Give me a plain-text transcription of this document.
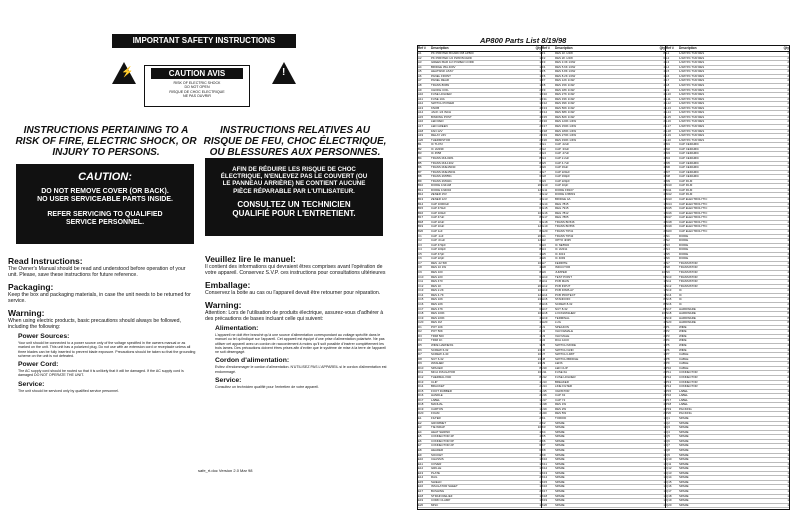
IMPORTANT SAFETY INSTRUCTIONS
⚡	!
CAUTION AVIS
RISK OF ELECTRIC SHOCK
DO NOT OPEN
RISQUE DE CHOC ELECTRIQUE
NE PAS OUVRIR
INSTRUCTIONS PERTAINING TO A
RISK OF FIRE, ELECTRIC SHOCK, OR
INJURY TO PERSONS.
INSTRUCTIONS RELATIVES AU
RISQUE DE FEU, CHOC ÉLECTRIQUE,
OU BLESSURES AUX PERSONNES.
CAUTION:
DO NOT REMOVE COVER (OR BACK).
NO USER SERVICEABLE PARTS INSIDE.
REFER SERVICING TO QUALIFIED
SERVICE PERSONNEL.
AFIN DE RÉDUIRE LES RISQUE DE CHOC
ÉLECTRIQUE, N'ENLEVEZ PAS LE COUVERT (OU
LE PANNEAU ARRIÈRE) NE CONTIENT AUCUNE
PIÈCE RÉPARABLE PAR L'UTILISATEUR.
CONSULTEZ UN TECHNICIEN
QUALIFIÉ POUR L'ENTRETIENT.
Read Instructions:
The Owner's Manual should be read and understood before operation of your unit. Please, save these instructions for future reference.
Packaging:
Keep the box and packaging materials, in case the unit needs to be returned for service.
Warning:
When using electric products, basic precautions should always be followed, including the following:
Power Sources:
Your unit should be connected to a power source only of the voltage specified in the owners manual or as marked on the unit. This unit has a polarized plug. Do not use with an extension cord or receptacle unless all three blades can be fully inserted to prevent blade exposure. Precautions should be taken so that the grounding scheme on the unit is not defeated.
Power Cord:
The AC supply cord should be routed so that it is unlikely that it will be damaged. If the AC supply cord is damaged DO NOT OPERATE THE UNIT.
Service:
The unit should be serviced only by qualified service personnel.
Veuillez lire le manuel:
Il contient des informations qui devraient êtres comprises avant l'opération de votre appareil. Conservez S.V.P. ces instructions pour consultations ultérieures
Emballage:
Conservez la boite au cas ou l'appareil devait être retourner pour réparation.
Warning:
Attention: Lors de l'utilisation de produits électrique, assurez-vous d'adhérer à des précautions de bases incluant celle qui suivent:
Alimentation:
L'appareil ne doit être branché qu'à une source d'alimentation correspondant au voltage spécifié dans le manuel ou tel qu'indiqué sur l'appareil. Cet appareil est équipé d'une prise d'alimentation polarisée. Ne pas utiliser cet appareil avec un cordon de raccordement à moins qu'il soit possible d'insérer complètement les trois lames. Des précautions doivent êtres prises afin d'eviter que le système de mise à la terre de l'appareil ne soit désengagé.
Cordon d'alimentation:
Evitez d'endommager le cordon d'alimentation. N'UTILISEZ PAS L'APPAREIL si le cordon d'alimentation est endommagé.
Service:
Consultez un technicien qualifié pour l'entretien de votre appareil.
safe_rt.doc Version 2.0 Mar 98
AP800 Parts List 8/19/98
Ref #	Description	Qty Ref #	Description	Qty Ref #	Description	Qty
A1	PK PRINTED BOARD 8/8 AP800	1
A2	PK PRINTED 1/2 PWR BOARD	1
A3	GREEN BAR 1/2 POWER CORD	1
A4	BRIDGE 35A 400V	1
A5	HEATSINK ASSY	1
A6	PANEL FRONT	1
A7	PANEL REAR	1
A8	TRANS 800W	1
A9	CHOKE COIL	2
A10	FUSE HOLDER	1
A11	FUSE 10A	1
A12	SWITCH POWER	1
A13	KNOB	4
A14	JACK 1/4 INCH	4
A15	BINDING POST	4
A16	LED RED	2
A17	LED GREEN	2
A18	FAN 12V	1
A19	RELAY 24V	2
A20	THERMISTOR	2
B1	IC TL072	4
B2	IC LM339	2
B3	IC 4558	2
B4	TRANS MJL3281	8
B5	TRANS MJL1302	8
B6	TRANS MJE15030	4
B7	TRANS MJE15031	4
B8	TRANS 2N5551	6
B9	TRANS 2N5401	6
B10	DIODE 1N4148	20
B11	DIODE 1N4004	12
B12	ZENER 15V	4
B13	ZENER 12V	4
B14	CAP 10000uF	4
B15	CAP 470uF	6
B16	CAP 100uF	10
B17	CAP 47uF	8
B18	CAP 22uF	6
B19	CAP 10uF	12
B20	CAP 1uF	8
C1	CAP .1uF	20
C2	CAP .01uF	12
C3	CAP 470pF	6
C4	CAP 100pF	8
C5	CAP 47pF	4
C6	CAP 22pF	4
C7	RES .22 5W	16
C8	RES 10 1W	4
C9	RES 100	8
C10	RES 220	6
C11	RES 470	8
C12	RES 1K	20
C13	RES 2.2K	10
C14	RES 4.7K	12
C15	RES 10K	24
C16	RES 22K	8
C17	RES 47K	6
C18	RES 100K	10
C19	RES 220K	4
C20	RES 1M	4
D1	POT 10K	2
D2	POT 50K	2
D3	TRIM 500	4
D4	TRIM 1K	4
D5	WIRE HARNESS	3
D6	SCREW 6-32	24
D7	SCREW 4-40	16
D8	NUT 6-32	24
D9	WASHER	24
D10	SPACER	8
D11	MICA INSULATOR	16
D12	THERMAL PAD	8
D13	CLIP	4
D14	BRACKET	2
D15	FOOT RUBBER	4
D16	HANDLE	2
D17	LABEL	1
D18	MANUAL	1
D19	CARTON	1
D20	FOAM	2
E1	FILTER	2
E2	GROMMET	2
E3	TIE WRAP	10
E4	HEAT SHRINK	4
E5	CONNECTOR 4P	4
E6	CONNECTOR 6P	2
E7	CONNECTOR 2P	6
E8	HEADER	6
E9	SOCKET	4
E10	CHASSIS	1
E11	COVER	1
E12	GRILLE	1
E13	PLATE	1
E14	RAIL	2
E15	SHIELD	1
E16	INSULATOR SHEET	1
E17	BUSHING	2
E18	STRAIN RELIEF	1
E19	CORD CLAMP	1
E20	MISC	1
F1	RES 1K 1/4W	8
F2	RES 2K 1/4W	6
F3	RES 3.3K 1/4W	4
F4	RES 5.6K 1/4W	4
F5	RES 6.8K 1/4W	4
F6	RES 8.2K 1/4W	4
F7	RES 12K 1/4W	4
F8	RES 15K 1/4W	4
F9	RES 18K 1/4W	4
F10	RES 27K 1/4W	4
F11	RES 33K 1/4W	4
F12	RES 39K 1/4W	4
F13	RES 56K 1/4W	4
F14	RES 68K 1/4W	4
F15	RES 82K 1/4W	4
F16	RES 120K 1/4W	2
F17	RES 150K 1/4W	2
F18	RES 180K 1/4W	2
F19	RES 270K 1/4W	2
F20	RES 330K 1/4W	2
G1	CAP .22uF	4
G2	CAP .33uF	4
G3	CAP .47uF	4
G4	CAP 2.2uF	4
G5	CAP 4.7uF	4
G6	CAP 33uF	4
G7	CAP 220uF	4
G8	CAP 330pF	4
G9	CAP 220pF	4
G10	CAP 10pF	4
G11	DIODE FR107	8
G12	DIODE 1N5819	4
G13	BRIDGE 4A	1
G14	REG 7815	1
G15	REG 7915	1
G16	REG 7812	1
G17	REG 7805	1
G18	TRANS BC546	4
G19	TRANS BC556	4
G20	TRANS TIP41	2
H1	TRANS TIP42	2
H2	OPTO 4N35	2
H3	IC NE5532	2
H4	IC LM311	2
H5	IC 4013	1
H6	IC 4093	1
H7	FERRITE	4
H8	INDUCTOR	2
H9	JUMPER	10
H10	TEST POINT	6
H11	PCB MAIN	1
H12	PCB INPUT	1
H13	PCB DISPLAY	1
H14	PCB PROTECT	1
H15	STANDOFF	8
H16	SCREW 8-32	8
H17	NUT 8-32	8
H18	LOCKWASHER	16
H19	TERMINAL	4
H20	LUG	4
J1	SPEAKON	2
J2	XLR FEMALE	2
J3	XLR MALE	2
J4	RCA JACK	2
J5	SWITCH MODE	1
J6	SWITCH GND	1
J7	SWITCH LIMIT	1
J8	SWITCH BRIDGE	1
J9	LENS	4
J10	LED CLIP	4
J11	FUSE 6A	2
J12	FUSE HOLDER	2
J13	BREAKER	1
J14	LINE FILTER	1
J15	VARISTOR	1
J16	CAP X2	2
J17	CAP Y2	2
J18	RES 1W	4
J19	RES 2W	4
J20	RES 5W	2
K1	TOROID	1
K2	SPARE	1
K3	SPARE	1
K4	SPARE	1
K5	SPARE	1
K6	SPARE	1
K7	SPARE	1
K8	SPARE	1
K9	SPARE	1
K10	SPARE	1
K11	SPARE	1
K12	SPARE	1
K13	SPARE	1
K14	SPARE	1
K15	SPARE	1
K16	SPARE	1
K17	SPARE	1
K18	SPARE	1
K19	SPARE	1
K20	SPARE	1
L1	1/4W 5% TUR RES	2
L2	1/4W 5% TUR RES	2
L3	1/4W 5% TUR RES	2
L4	1/4W 5% TUR RES	2
L5	1/4W 5% TUR RES	2
L6	1/4W 5% TUR RES	2
L7	1/4W 5% TUR RES	2
L8	1/4W 5% TUR RES	2
L9	1/4W 5% TUR RES	2
L10	1/4W 5% TUR RES	2
L11	1/4W 5% TUR RES	2
L12	1/4W 5% TUR RES	2
L13	1/4W 5% TUR RES	2
L14	1/4W 5% TUR RES	2
L15	1/4W 5% TUR RES	2
L16	1/4W 5% TUR RES	2
L17	1/4W 5% TUR RES	2
L18	1/4W 5% TUR RES	2
L19	1/4W 5% TUR RES	2
L20	1/4W 5% TUR RES	2
M1	CAP CERAMIC	4
M2	CAP CERAMIC	4
M3	CAP CERAMIC	4
M4	CAP CERAMIC	4
M5	CAP CERAMIC	4
M6	CAP CERAMIC	4
M7	CAP CERAMIC	4
M8	CAP CERAMIC	4
M9	CAP FILM	4
M10	CAP FILM	4
M11	CAP FILM	4
M12	CAP FILM	4
M13	CAP ELECTROLYTIC	4
M14	CAP ELECTROLYTIC	4
M15	CAP ELECTROLYTIC	4
M16	CAP ELECTROLYTIC	4
M17	CAP ELECTROLYTIC	4
M18	CAP ELECTROLYTIC	4
M19	CAP ELECTROLYTIC	4
M20	CAP ELECTROLYTIC	4
N1	DIODE	4
N2	DIODE	4
N3	DIODE	4
N4	DIODE	4
N5	DIODE	4
N6	DIODE	4
N7	TRANSISTOR	4
N8	TRANSISTOR	4
N9	TRANSISTOR	4
N10	TRANSISTOR	4
N11	TRANSISTOR	4
N12	TRANSISTOR	4
N13	IC	2
N14	IC	2
N15	IC	2
N16	IC	2
N17	HARDWARE	8
N18	HARDWARE	8
N19	HARDWARE	8
N20	HARDWARE	8
P1	WIRE	4
P2	WIRE	4
P3	WIRE	4
P4	WIRE	4
P5	WIRE	4
P6	WIRE	4
P7	CABLE	2
P8	CABLE	2
P9	CABLE	2
P10	CABLE	2
P11	CONNECTOR	2
P12	CONNECTOR	2
P13	CONNECTOR	2
P14	CONNECTOR	2
P15	LABEL	1
P16	LABEL	1
P17	LABEL	1
P18	LABEL	1
P19	PACKING	1
P20	PACKING	1
Q1	SPARE	1
Q2	SPARE	1
Q3	SPARE	1
Q4	SPARE	1
Q5	SPARE	1
Q6	SPARE	1
Q7	SPARE	1
Q8	SPARE	1
Q9	SPARE	1
Q10	SPARE	1
Q11	SPARE	1
Q12	SPARE	1
Q13	SPARE	1
Q14	SPARE	1
Q15	SPARE	1
Q16	SPARE	1
Q17	SPARE	1
Q18	SPARE	1
Q19	SPARE	1
Q20	SPARE	1
